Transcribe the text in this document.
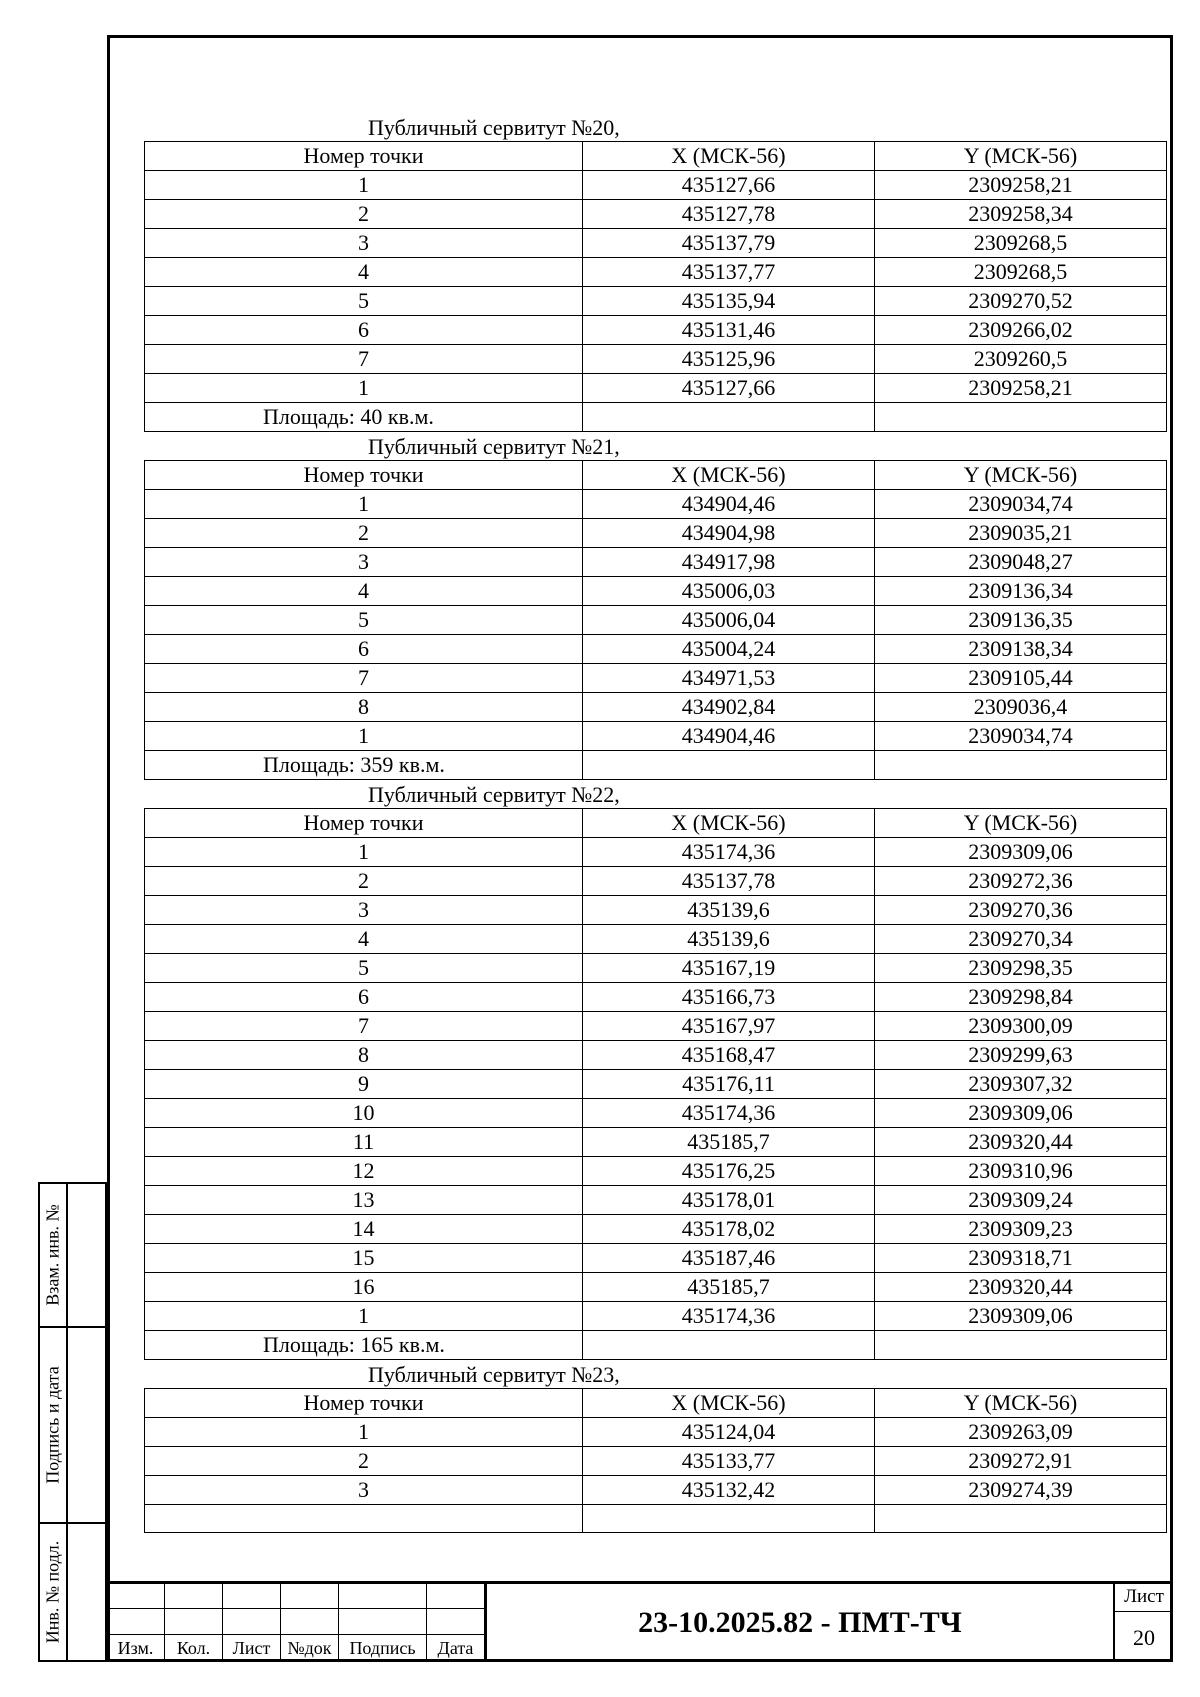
Публичный сервитут №20,
Номер точки	X (МСК-56)	Y (МСК-56)
1	435127,66	2309258,21
2	435127,78	2309258,34
3	435137,79	2309268,5
4	435137,77	2309268,5
5	435135,94	2309270,52
6	435131,46	2309266,02
7	435125,96	2309260,5
1	435127,66	2309258,21
Площадь: 40 кв.м.		
Публичный сервитут №21,
Номер точки	X (МСК-56)	Y (МСК-56)
1	434904,46	2309034,74
2	434904,98	2309035,21
3	434917,98	2309048,27
4	435006,03	2309136,34
5	435006,04	2309136,35
6	435004,24	2309138,34
7	434971,53	2309105,44
8	434902,84	2309036,4
1	434904,46	2309034,74
Площадь: 359 кв.м.		
Публичный сервитут №22,
Номер точки	X (МСК-56)	Y (МСК-56)
1	435174,36	2309309,06
2	435137,78	2309272,36
3	435139,6	2309270,36
4	435139,6	2309270,34
5	435167,19	2309298,35
6	435166,73	2309298,84
7	435167,97	2309300,09
8	435168,47	2309299,63
9	435176,11	2309307,32
10	435174,36	2309309,06
11	435185,7	2309320,44
12	435176,25	2309310,96
13	435178,01	2309309,24
14	435178,02	2309309,23
15	435187,46	2309318,71
16	435185,7	2309320,44
1	435174,36	2309309,06
Площадь: 165 кв.м.		
Публичный сервитут №23,
Номер точки	X (МСК-56)	Y (МСК-56)
1	435124,04	2309263,09
2	435133,77	2309272,91
3	435132,42	2309274,39

Взам. инв. №
Подпись и дата
Инв. № подл.
Изм.	Кол.	Лист №док Подпись	Дата
23-10.2025.82 - ПМТ-ТЧ
Лист
20
